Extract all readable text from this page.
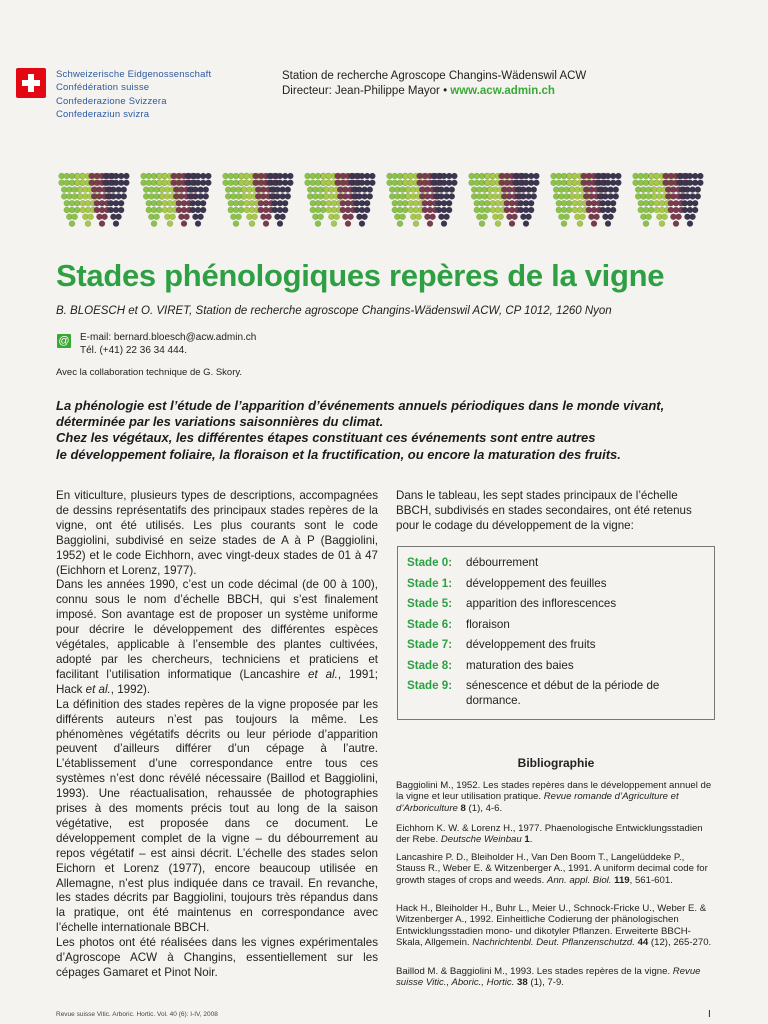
Schweizerische Eidgenossenschaft
Confédération suisse
Confederazione Svizzera
Confederaziun svizra
Station de recherche Agroscope Changins-Wädenswil ACW
Directeur: Jean-Philippe Mayor • www.acw.admin.ch
Stades phénologiques repères de la vigne
B. BLOESCH et O. VIRET, Station de recherche agroscope Changins-Wädenswil ACW, CP 1012, 1260 Nyon
@ E-mail: bernard.bloesch@acw.admin.ch
Tél. (+41) 22 36 34 444.
Avec la collaboration technique de G. Skory.
La phénologie est l’étude de l’apparition d’événements annuels périodiques dans le monde vivant,
déterminée par les variations saisonnières du climat.
Chez les végétaux, les différentes étapes constituant ces événements sont entre autres
le développement foliaire, la floraison et la fructification, ou encore la maturation des fruits.

En viticulture, plusieurs types de descriptions, accompagnées de dessins représentatifs des principaux stades repères de la vigne, ont été utilisés. Les plus courants sont le code Baggiolini, subdivisé en seize stades de A à P (Baggiolini, 1952) et le code Eichhorn, avec vingt-deux stades de 01 à 47 (Eichhorn et Lorenz, 1977).

Dans les années 1990, c’est un code décimal (de 00 à 100), connu sous le nom d’échelle BBCH, qui s’est finalement imposé. Son avantage est de proposer un système uniforme pour décrire le développement des différentes espèces végétales, applicable à l’ensemble des plantes cultivées, adopté par les chercheurs, techniciens et praticiens et facilitant l’utilisation informatique (Lancashire et al., 1991; Hack et al., 1992).

La définition des stades repères de la vigne proposée par les différents auteurs n’est pas toujours la même. Les phénomènes végétatifs décrits ou leur période d’apparition peuvent d’ailleurs différer d’un cépage à l’autre. L’établissement d’une correspondance entre tous ces systèmes n’est donc révélé nécessaire (Baillod et Baggiolini, 1993). Une réactualisation, rehaussée de photographies prises à des moments précis tout au long de la saison végétative, est proposée dans ce document. Le développement complet de la vigne – du débourrement au repos végétatif – est ainsi décrit. L’échelle des stades selon Eichorn et Lorenz (1977), encore beaucoup utilisée en Allemagne, n’est plus indiquée dans ce travail. En revanche, les stades décrits par Baggiolini, toujours très répandus dans la pratique, ont été maintenus en correspondance avec l’échelle internationale BBCH.

Les photos ont été réalisées dans les vignes expérimentales d’Agroscope ACW à Changins, essentiellement sur les cépages Gamaret et Pinot Noir.

Dans le tableau, les sept stades principaux de l’échelle BBCH, subdivisés en stades secondaires, ont été retenus pour le codage du développement de la vigne:
Stade 0: débourrement
Stade 1: développement des feuilles
Stade 5: apparition des inflorescences
Stade 6: floraison
Stade 7: développement des fruits
Stade 8: maturation des baies
Stade 9: sénescence et début de la période de dormance.
Bibliographie
Baggiolini M., 1952. Les stades repères dans le développement annuel de la vigne et leur utilisation pratique. Revue romande d’Agriculture et d’Arboriculture 8 (1), 4-6.
Eichhorn K. W. & Lorenz H., 1977. Phaenologische Entwicklungsstadien der Rebe. Deutsche Weinbau 1.
Lancashire P. D., Bleiholder H., Van Den Boom T., Langelüddeke P., Stauss R., Weber E. & Witzenberger A., 1991. A uniform decimal code for growth stages of crops and weeds. Ann. appl. Biol. 119, 561-601.
Hack H., Bleiholder H., Buhr L., Meier U., Schnock-Fricke U., Weber E. & Witzenberger A., 1992. Einheitliche Codierung der phänologischen Entwicklungsstadien mono- und dikotyler Pflanzen. Erweiterte BBCH-Skala, Allgemein. Nachrichtenbl. Deut. Pflanzenschutzd. 44 (12), 265-270.
Baillod M. & Baggiolini M., 1993. Les stades repères de la vigne. Revue suisse Vitic., Aboric., Hortic. 38 (1), 7-9.
Revue suisse Vitic. Arboric. Hortic. Vol. 40 (6): I-IV, 2008	I
